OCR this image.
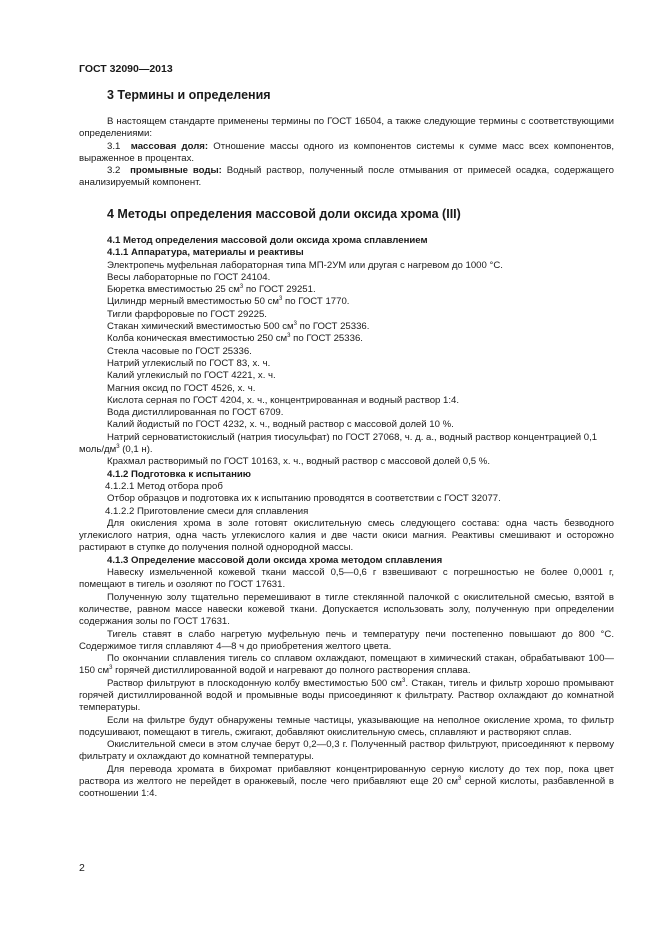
ГОСТ 32090—2013
3 Термины и определения

В настоящем стандарте применены термины по ГОСТ 16504, а также следующие термины с соответствующими определениями:

3.1 массовая доля: Отношение массы одного из компонентов системы к сумме масс всех компонентов, выраженное в процентах.

3.2 промывные воды: Водный раствор, полученный после отмывания от примесей осадка, содержащего анализируемый компонент.

4 Методы определения массовой доли оксида хрома (III)

4.1 Метод определения массовой доли оксида хрома сплавлением

4.1.1 Аппаратура, материалы и реактивы

Электропечь муфельная лабораторная типа МП-2УМ или другая с нагревом до 1000 °С.

Весы лабораторные по ГОСТ 24104.

Бюретка вместимостью 25 $см^3$ по ГОСТ 29251.

Цилиндр мерный вместимостью 50 $см^3$ по ГОСТ 1770.

Тигли фарфоровые по ГОСТ 29225.

Стакан химический вместимостью 500 $см^3$ по ГОСТ 25336.

Колба коническая вместимостью 250 $см^3$ по ГОСТ 25336.

Стекла часовые по ГОСТ 25336.

Натрий углекислый по ГОСТ 83, х. ч.

Калий углекислый по ГОСТ 4221, х. ч.

Магния оксид по ГОСТ 4526, х. ч.

Кислота серная по ГОСТ 4204, х. ч., концентрированная и водный раствор 1:4.

Вода дистиллированная по ГОСТ 6709.

Калий йодистый по ГОСТ 4232, х. ч., водный раствор с массовой долей 10 %.

Натрий серноватистокислый (натрия тиосульфат) по ГОСТ 27068, ч. д. а., водный раствор концентрацией 0,1 моль/$дм^3$ (0,1 н).

Крахмал растворимый по ГОСТ 10163, х. ч., водный раствор с массовой долей 0,5 %.

4.1.2 Подготовка к испытанию

4.1.2.1 Метод отбора проб

Отбор образцов и подготовка их к испытанию проводятся в соответствии с ГОСТ 32077.

4.1.2.2 Приготовление смеси для сплавления

Для окисления хрома в золе готовят окислительную смесь следующего состава: одна часть безводного углекислого натрия, одна часть углекислого калия и две части окиси магния. Реактивы смешивают и осторожно растирают в ступке до получения полной однородной массы.

4.1.3 Определение массовой доли оксида хрома методом сплавления

Навеску измельченной кожевой ткани массой 0,5—0,6 г взвешивают с погрешностью не более 0,0001 г, помещают в тигель и озоляют по ГОСТ 17631.

Полученную золу тщательно перемешивают в тигле стеклянной палочкой с окислительной смесью, взятой в количестве, равном массе навески кожевой ткани. Допускается использовать золу, полученную при определении содержания золы по ГОСТ 17631.

Тигель ставят в слабо нагретую муфельную печь и температуру печи постепенно повышают до 800 °С. Содержимое тигля сплавляют 4—8 ч до приобретения желтого цвета.

По окончании сплавления тигель со сплавом охлаждают, помещают в химический стакан, обрабатывают 100—150 $см^3$ горячей дистиллированной водой и нагревают до полного растворения сплава.

Раствор фильтруют в плоскодонную колбу вместимостью 500 $см^3$. Стакан, тигель и фильтр хорошо промывают горячей дистиллированной водой и промывные воды присоединяют к фильтрату. Раствор охлаждают до комнатной температуры.

Если на фильтре будут обнаружены темные частицы, указывающие на неполное окисление хрома, то фильтр подсушивают, помещают в тигель, сжигают, добавляют окислительную смесь, сплавляют и растворяют сплав.

Окислительной смеси в этом случае берут 0,2—0,3 г. Полученный раствор фильтруют, присоединяют к первому фильтрату и охлаждают до комнатной температуры.

Для перевода хромата в бихромат прибавляют концентрированную серную кислоту до тех пор, пока цвет раствора из желтого не перейдет в оранжевый, после чего прибавляют еще 20 $см^3$ серной кислоты, разбавленной в соотношении 1:4.

2
